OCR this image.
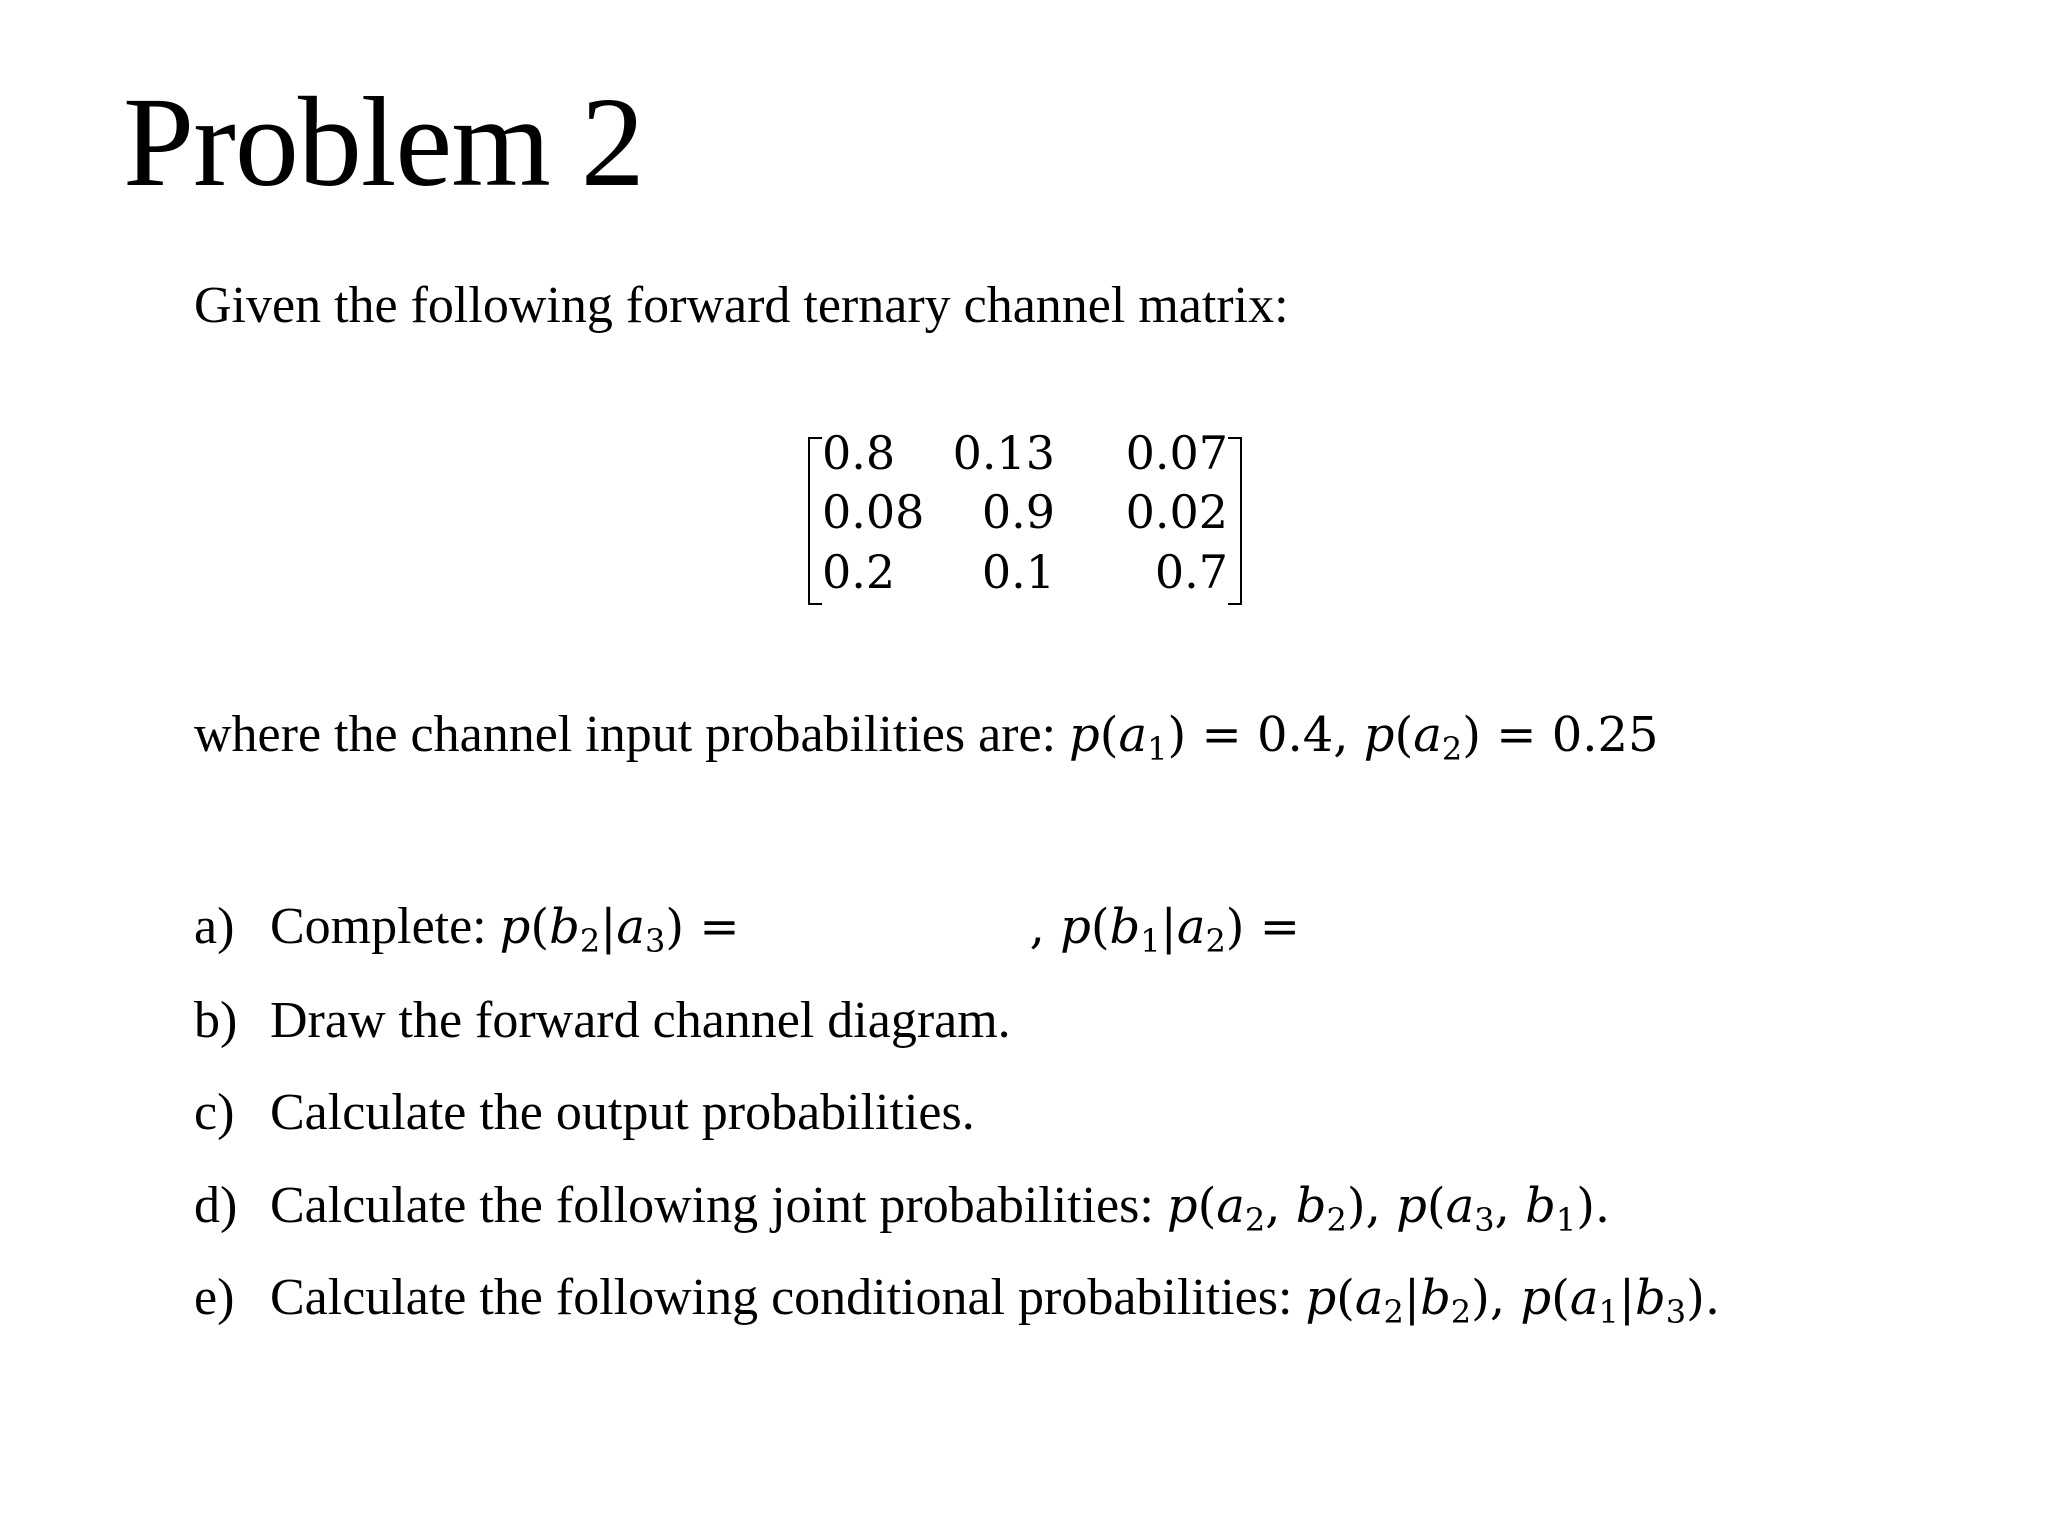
Problem 2
Given the following forward ternary channel matrix:
0.8 0.13 0.07
0.08 0.9 0.02
0.2 0.1 0.7
where the channel input probabilities are: $p(a_1) = 0.4$, $p(a_2) = 0.25$
a) Complete: $p(b_2|a_3)$ =	, $p(b_1|a_2)$ =
b) Draw the forward channel diagram.
c) Calculate the output probabilities.
d) Calculate the following joint probabilities: $p(a_2$, $b_2$), $p(a_3$, $b_1$).
e) Calculate the following conditional probabilities: $p(a_2|b_2)$, $p(a_1|b_3)$.
